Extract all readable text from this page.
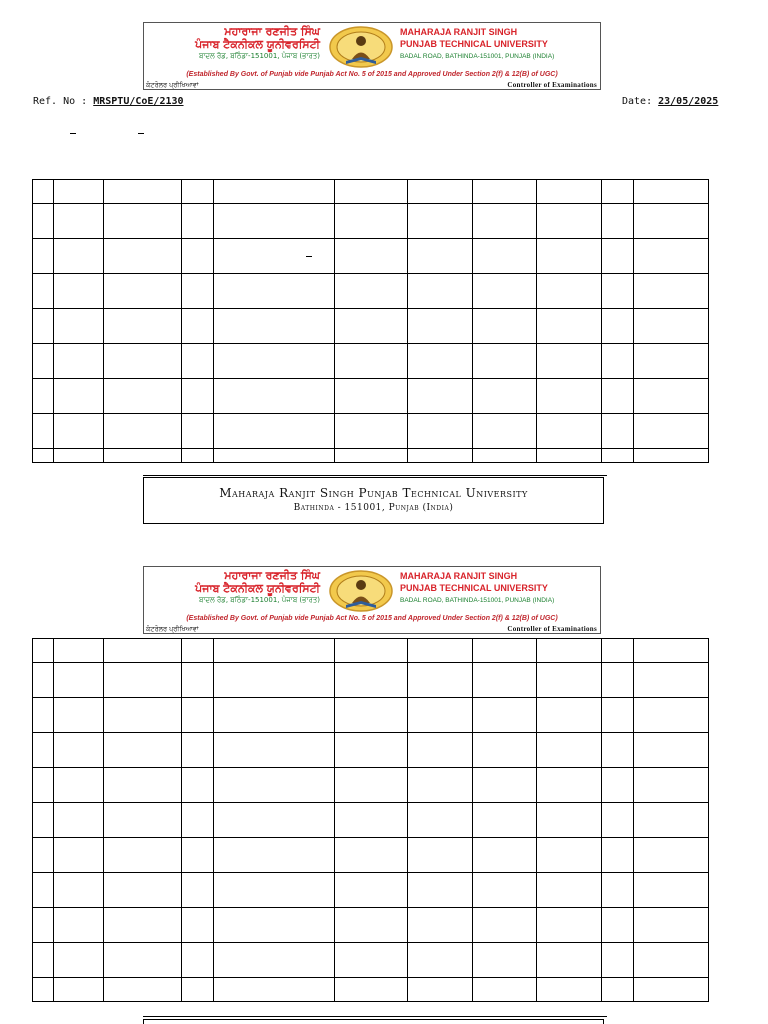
ਮਹਾਰਾਜਾ ਰਣਜੀਤ ਸਿੰਘ
ਪੰਜਾਬ ਟੈਕਨੀਕਲ ਯੂਨੀਵਰਸਿਟੀ
ਬਾਦਲ ਰੋਡ, ਬਠਿੰਡਾ-151001, ਪੰਜਾਬ (ਭਾਰਤ)
MAHARAJA RANJIT SINGH
PUNJAB TECHNICAL UNIVERSITY
BADAL ROAD, BATHINDA-151001, PUNJAB (INDIA)
(Established By Govt. of Punjab vide Punjab Act No. 5 of 2015 and Approved Under Section 2(f) & 12(B) of UGC)
ਕੰਟਰੋਲਰ ਪ੍ਰੀਖਿਆਵਾਂ	Controller of Examinations
Ref. No : MRSPTU/CoE/2130	Date: 23/05/2025

Maharaja Ranjit Singh Punjab Technical University
Bathinda - 151001, Punjab (India)
ਮਹਾਰਾਜਾ ਰਣਜੀਤ ਸਿੰਘ
ਪੰਜਾਬ ਟੈਕਨੀਕਲ ਯੂਨੀਵਰਸਿਟੀ
ਬਾਦਲ ਰੋਡ, ਬਠਿੰਡਾ-151001, ਪੰਜਾਬ (ਭਾਰਤ)
MAHARAJA RANJIT SINGH
PUNJAB TECHNICAL UNIVERSITY
BADAL ROAD, BATHINDA-151001, PUNJAB (INDIA)
(Established By Govt. of Punjab vide Punjab Act No. 5 of 2015 and Approved Under Section 2(f) & 12(B) of UGC)
ਕੰਟਰੋਲਰ ਪ੍ਰੀਖਿਆਵਾਂ	Controller of Examinations
